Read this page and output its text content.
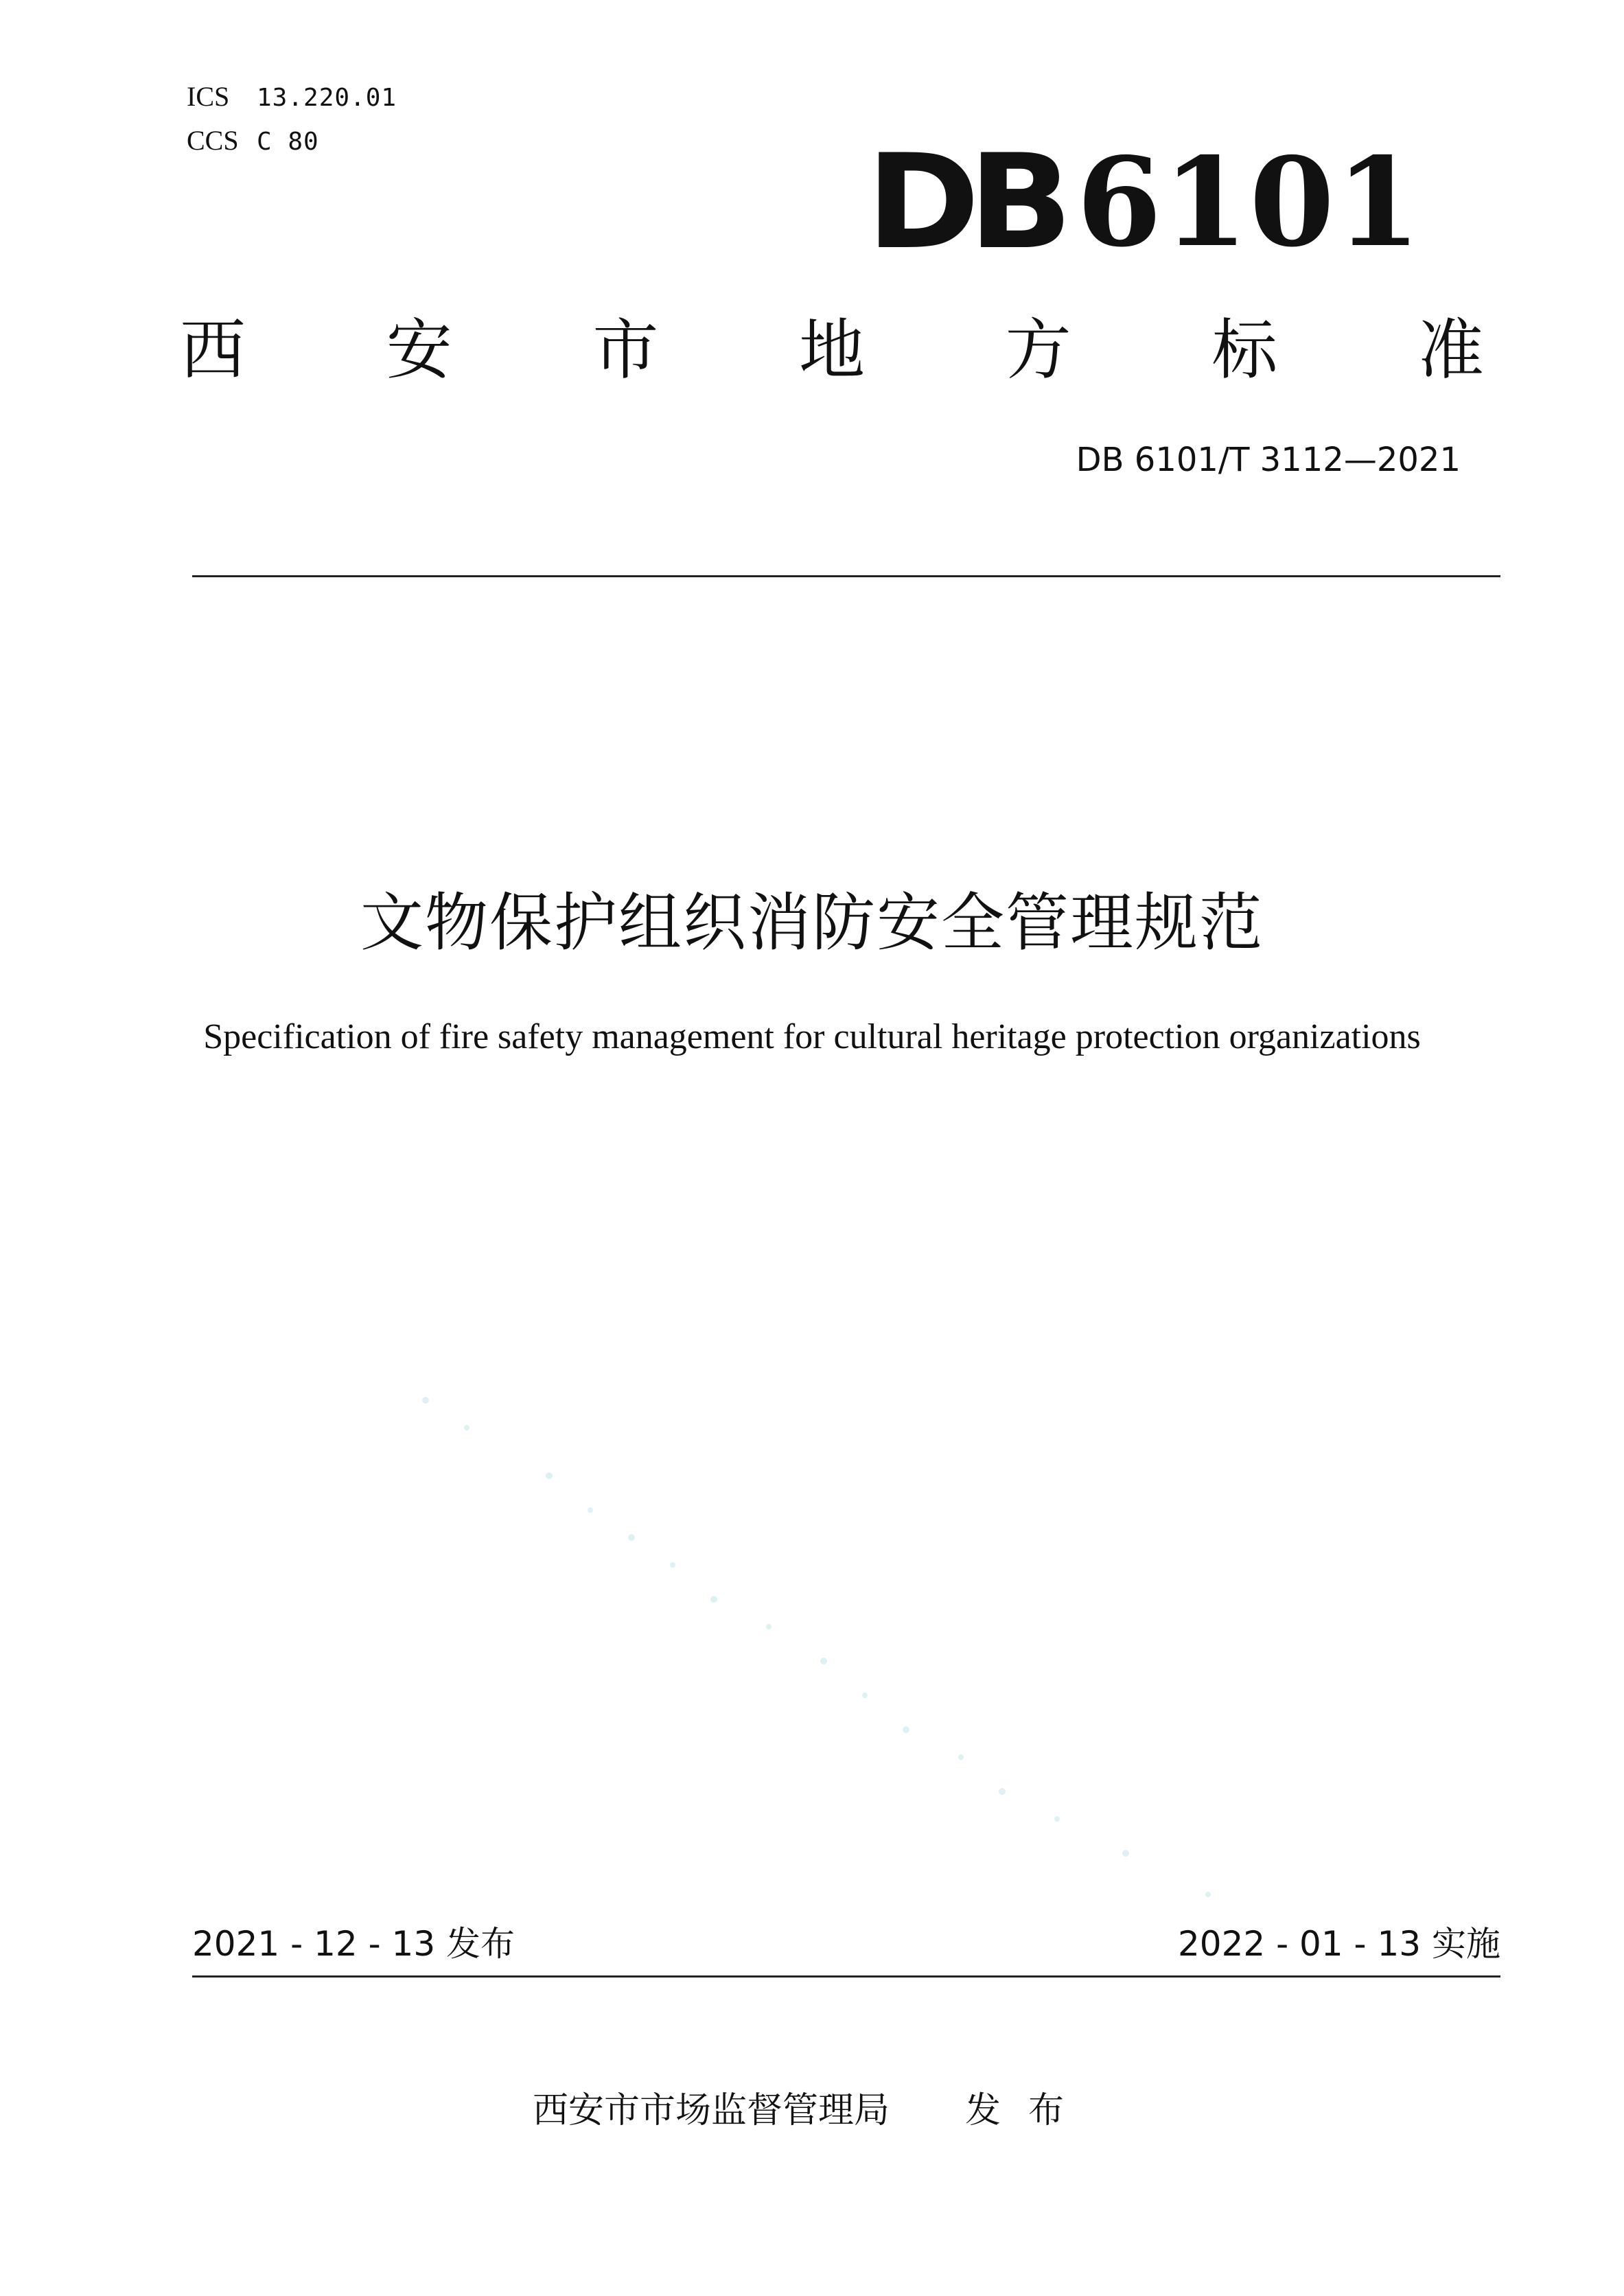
ICS	13.220.01
CCS C 80	DB 6101
西 安 市 地 方 标 准
DB 6101/T 3112—2021
文物保护组织消防安全管理规范
Specification of fire safety management for cultural heritage protection organizations
2021 - 12 - 13 发布	2022 - 01 - 13 实施
西安市市场监督管理局 发布
